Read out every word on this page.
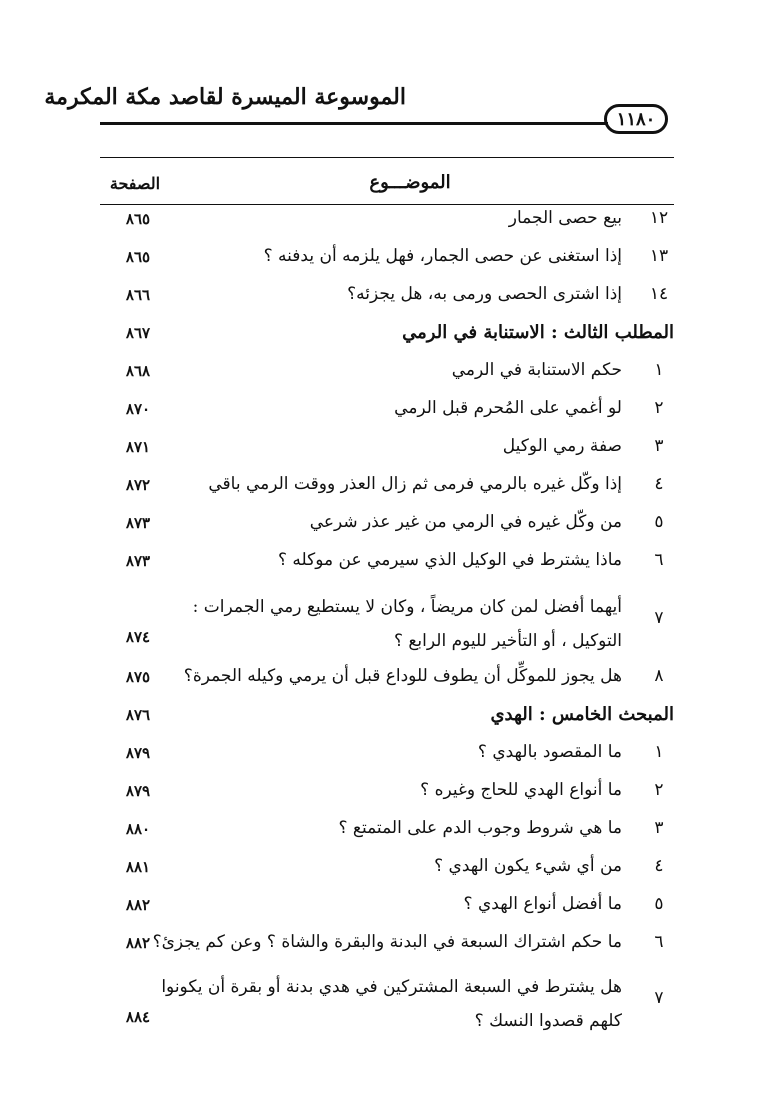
الموسوعة الميسرة لقاصد مكة المكرمة
١١٨٠
الموضـــوع
الصفحة
١٢
بيع حصى الجمار
٨٦٥
١٣
إذا استغنى عن حصى الجمار، فهل يلزمه أن يدفنه ؟
٨٦٥
١٤
إذا اشترى الحصى ورمى به، هل يجزئه؟
٨٦٦
المطلب الثالث : الاستنابة في الرمي
٨٦٧
١
حكم الاستنابة في الرمي
٨٦٨
٢
لو أغمي على المُحرم قبل الرمي
٨٧٠
٣
صفة رمي الوكيل
٨٧١
٤
إذا وكّل غيره بالرمي فرمى ثم زال العذر ووقت الرمي باقي
٨٧٢
٥
من وكّل غيره في الرمي من غير عذر شرعي
٨٧٣
٦
ماذا يشترط في الوكيل الذي سيرمي عن موكله ؟
٨٧٣
٧
أيهما أفضل لمن كان مريضاً ، وكان لا يستطيع رمي الجمرات : التوكيل ، أو التأخير لليوم الرابع ؟
٨٧٤
٨
هل يجوز للموكِّل أن يطوف للوداع قبل أن يرمي وكيله الجمرة؟
٨٧٥
المبحث الخامس : الهدي
٨٧٦
١
ما المقصود بالهدي ؟
٨٧٩
٢
ما أنواع الهدي للحاج وغيره ؟
٨٧٩
٣
ما هي شروط وجوب الدم على المتمتع ؟
٨٨٠
٤
من أي شيء يكون الهدي ؟
٨٨١
٥
ما أفضل أنواع الهدي ؟
٨٨٢
٦
ما حكم اشتراك السبعة في البدنة والبقرة والشاة ؟ وعن كم يجزئ؟
٨٨٢
٧
هل يشترط في السبعة المشتركين في هدي بدنة أو بقرة أن يكونوا كلهم قصدوا النسك ؟
٨٨٤
